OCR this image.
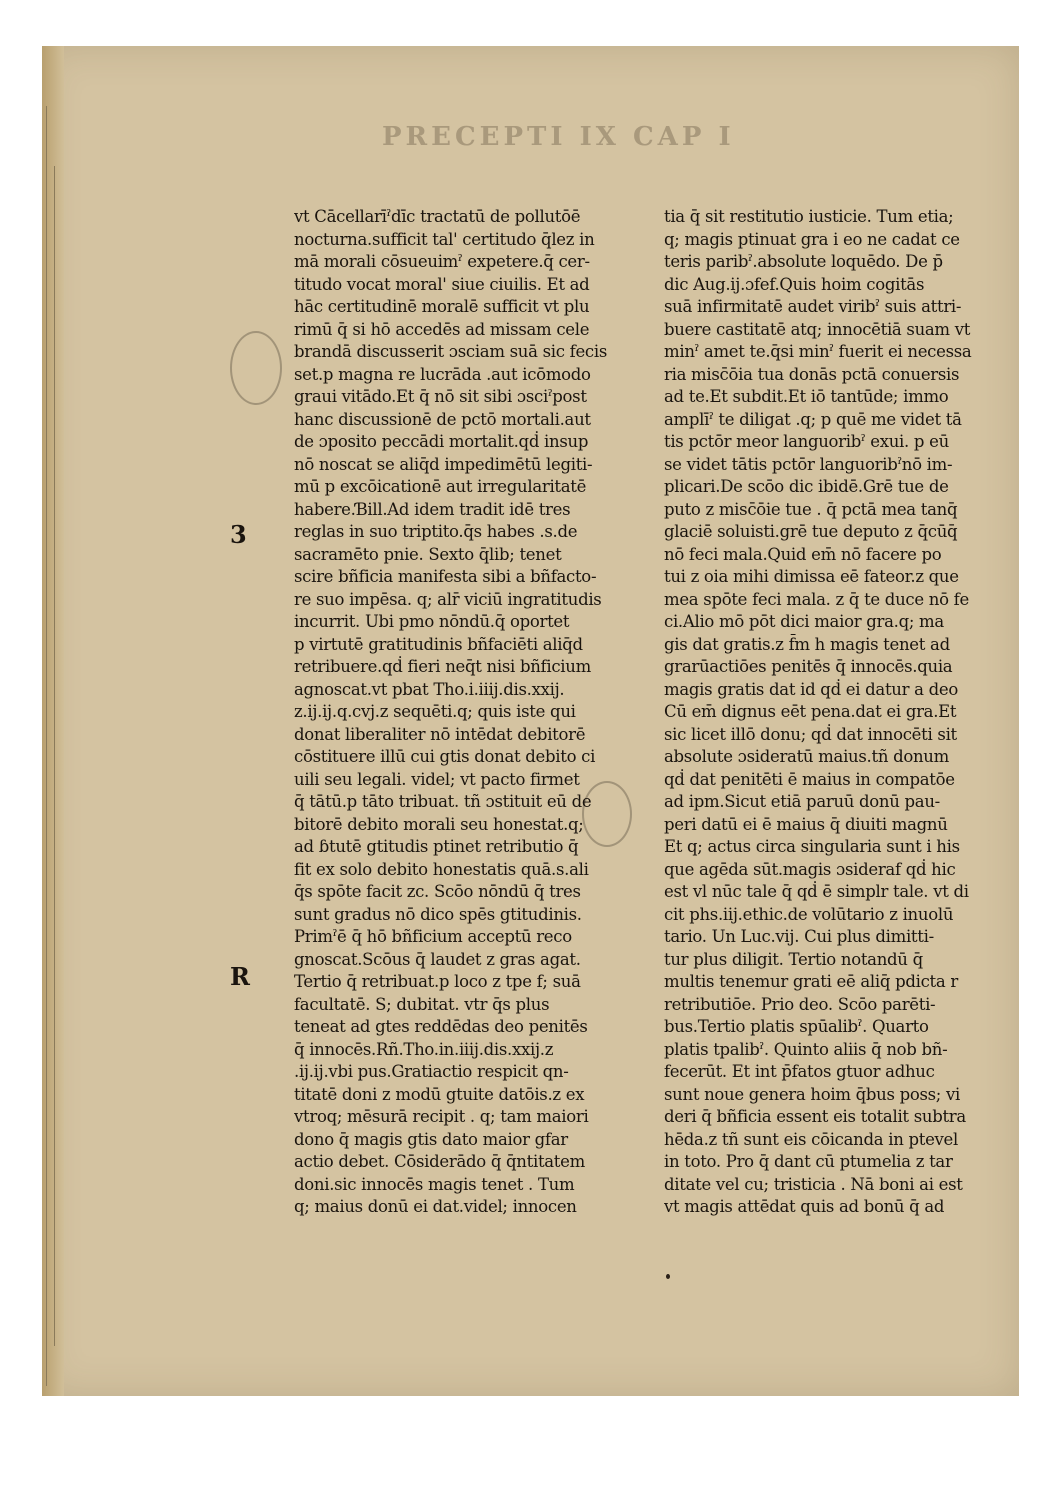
PRECEPTI IX CAP I
3
R
vt Cācellarīˀdīc tractatū de pollutōē
nocturna.sufficit tal' certitudo q̄lez in
mā morali cōsueuimˀ expetere.q̄ cer-
titudo vocat moral' siue ciuilis. Et ad
hāc certitudinē moralē sufficit vt plu
rimū q̄ si hō accedēs ad missam cele
brandā discusserit ɔsciam suā sic fecis
set.p magna re lucrāda .aut icōmodo
graui vitādo.Et q̄ nō sit sibi ɔsciˀpost
hanc discussionē de pctō mortali.aut
de ɔposito peccādi mortalit.qḋ insup
nō noscat se aliq̄d impedimētū legiti-
mū p excōicationē aut irregularitatē
habere.Ɓill.Ad idem tradit idē tres
reglas in suo triptito.q̄s habes .s.de
sacramēto pnie. Sexto q̄lib; tenet
scire bñficia manifesta sibi a bñfacto-
re suo impēsa. q; alr̄ viciū ingratitudis
incurrit. Ubi pmo nōndū.q̄ oportet
p virtutē gratitudinis bñfaciēti aliq̄d
retribuere.qḋ fieri neq̄t nisi bñficium
agnoscat.vt pbat Tho.i.iiij.dis.xxij.
z.ij.ij.q.cvj.z sequēti.q; quis iste qui
donat liberaliter nō intēdat debitorē
cōstituere illū cui gtis donat debito ci
uili seu legali. videl; vt pacto firmet
q̄ tātū.p tāto tribuat. tñ ɔstituit eū de
bitorē debito morali seu honestat.q;
ad ɓtutē gtitudis ptinet retributio q̄
fit ex solo debito honestatis quā.s.ali
q̄s spōte facit zc. Scōo nōndū q̄ tres
sunt gradus nō dico spēs gtitudinis.
Primˀē q̄ hō bñficium acceptū reco
gnoscat.Scōus q̄ laudet z gras agat.
Tertio q̄ retribuat.p loco z tpe f; suā
facultatē. S; dubitat. vtr q̄s plus
teneat ad gtes reddēdas deo penitēs
q̄ innocēs.Rñ.Tho.in.iiij.dis.xxij.z
.ij.ij.vbi pus.Gratiactio respicit qn-
titatē doni z modū gtuite datōis.z ex
vtroq; mēsurā recipit . q; tam maiori
dono q̄ magis gtis dato maior gfar
actio debet. Cōsiderādo q̄ q̄ntitatem
doni.sic innocēs magis tenet . Tum
q; maius donū ei dat.videl; innocen
tia q̄ sit restitutio iusticie. Tum etia;
q; magis ptinuat gra i eo ne cadat ce
teris paribˀ.absolute loquēdo. De p̄
dic Aug.ij.ɔfef.Quis hoim cogitās
suā infirmitatē audet viribˀ suis attri-
buere castitatē atq; innocētiā suam vt
minˀ amet te.q̄si minˀ fuerit ei necessa
ria misc̄ōia tua donās pctā conuersis
ad te.Et subdit.Et iō tantūde; immo
amplīˀ te diligat .q; p quē me videt tā
tis pctōr meor languoribˀ exui. p eū
se videt tātis pctōr languoribˀnō im-
plicari.De scōo dic ibidē.Grē tue de
puto z misc̄ōie tue . q̄ pctā mea tanq̄
glaciē soluisti.grē tue deputo z q̄cūq̄
nō feci mala.Quid em̄ nō facere po
tui z oia mihi dimissa eē fateor.z que
mea spōte feci mala. z q̄ te duce nō fe
ci.Alio mō pōt dici maior gra.q; ma
gis dat gratis.z f̄m h magis tenet ad
grarūactiōes penitēs q̄ innocēs.quia
magis gratis dat id qḋ ei datur a deo
Cū em̄ dignus eēt pena.dat ei gra.Et
sic licet illō donu; qḋ dat innocēti sit
absolute ɔsideratū maius.tñ donum
qḋ dat penitēti ē maius in compatōe
ad ipm.Sicut etiā paruū donū pau-
peri datū ei ē maius q̄ diuiti magnū
Et q; actus circa singularia sunt i his
que agēda sūt.magis ɔsideraf qḋ hic
est vl nūc tale q̄ qḋ ē simplr tale. vt di
cit phs.iij.ethic.de volūtario z inuolū
tario. Un Luc.vij. Cui plus dimitti-
tur plus diligit. Tertio notandū q̄
multis tenemur grati eē aliq̄ pdicta r
retributiōe. Prio deo. Scōo parēti-
bus.Tertio platis spūalibˀ. Quarto
platis tpalibˀ. Quinto aliis q̄ nob bñ-
fecerūt. Et int p̄fatos gtuor adhuc
sunt noue genera hoim q̄bus poss; vi
deri q̄ bñficia essent eis totalit subtra
hēda.z tñ sunt eis cōicanda in ptevel
in toto. Pro q̄ dant cū ptumelia z tar
ditate vel cu; tristicia . Nā boni ai est
vt magis attēdat quis ad bonū q̄ ad
